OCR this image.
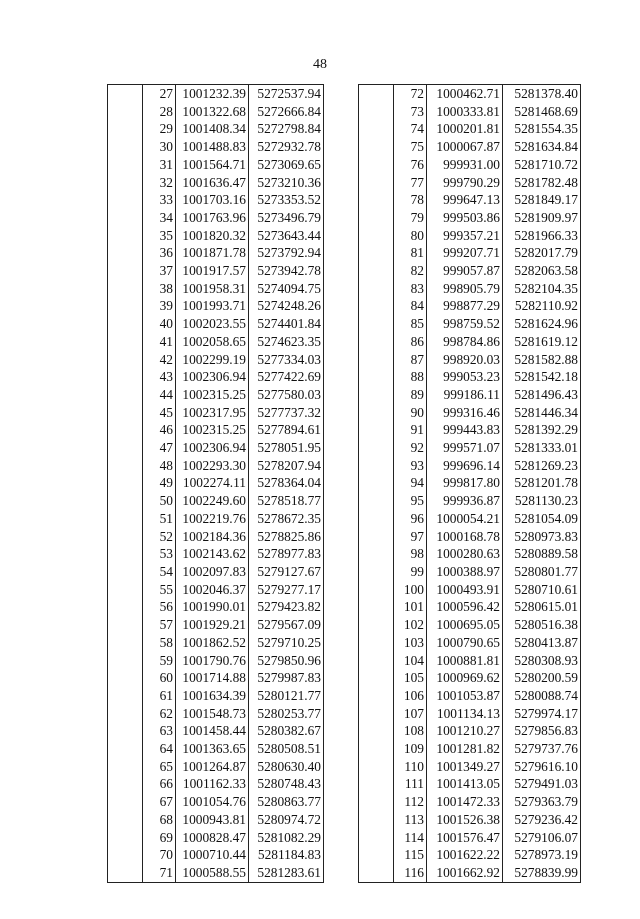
48
	27	1001232.39	5272537.94
	28	1001322.68	5272666.84
	29	1001408.34	5272798.84
	30	1001488.83	5272932.78
	31	1001564.71	5273069.65
	32	1001636.47	5273210.36
	33	1001703.16	5273353.52
	34	1001763.96	5273496.79
	35	1001820.32	5273643.44
	36	1001871.78	5273792.94
	37	1001917.57	5273942.78
	38	1001958.31	5274094.75
	39	1001993.71	5274248.26
	40	1002023.55	5274401.84
	41	1002058.65	5274623.35
	42	1002299.19	5277334.03
	43	1002306.94	5277422.69
	44	1002315.25	5277580.03
	45	1002317.95	5277737.32
	46	1002315.25	5277894.61
	47	1002306.94	5278051.95
	48	1002293.30	5278207.94
	49	1002274.11	5278364.04
	50	1002249.60	5278518.77
	51	1002219.76	5278672.35
	52	1002184.36	5278825.86
	53	1002143.62	5278977.83
	54	1002097.83	5279127.67
	55	1002046.37	5279277.17
	56	1001990.01	5279423.82
	57	1001929.21	5279567.09
	58	1001862.52	5279710.25
	59	1001790.76	5279850.96
	60	1001714.88	5279987.83
	61	1001634.39	5280121.77
	62	1001548.73	5280253.77
	63	1001458.44	5280382.67
	64	1001363.65	5280508.51
	65	1001264.87	5280630.40
	66	1001162.33	5280748.43
	67	1001054.76	5280863.77
	68	1000943.81	5280974.72
	69	1000828.47	5281082.29
	70	1000710.44	5281184.83
	71	1000588.55	5281283.61
	72	1000462.71	5281378.40
	73	1000333.81	5281468.69
	74	1000201.81	5281554.35
	75	1000067.87	5281634.84
	76	999931.00	5281710.72
	77	999790.29	5281782.48
	78	999647.13	5281849.17
	79	999503.86	5281909.97
	80	999357.21	5281966.33
	81	999207.71	5282017.79
	82	999057.87	5282063.58
	83	998905.79	5282104.35
	84	998877.29	5282110.92
	85	998759.52	5281624.96
	86	998784.86	5281619.12
	87	998920.03	5281582.88
	88	999053.23	5281542.18
	89	999186.11	5281496.43
	90	999316.46	5281446.34
	91	999443.83	5281392.29
	92	999571.07	5281333.01
	93	999696.14	5281269.23
	94	999817.80	5281201.78
	95	999936.87	5281130.23
	96	1000054.21	5281054.09
	97	1000168.78	5280973.83
	98	1000280.63	5280889.58
	99	1000388.97	5280801.77
	100	1000493.91	5280710.61
	101	1000596.42	5280615.01
	102	1000695.05	5280516.38
	103	1000790.65	5280413.87
	104	1000881.81	5280308.93
	105	1000969.62	5280200.59
	106	1001053.87	5280088.74
	107	1001134.13	5279974.17
	108	1001210.27	5279856.83
	109	1001281.82	5279737.76
	110	1001349.27	5279616.10
	111	1001413.05	5279491.03
	112	1001472.33	5279363.79
	113	1001526.38	5279236.42
	114	1001576.47	5279106.07
	115	1001622.22	5278973.19
	116	1001662.92	5278839.99
